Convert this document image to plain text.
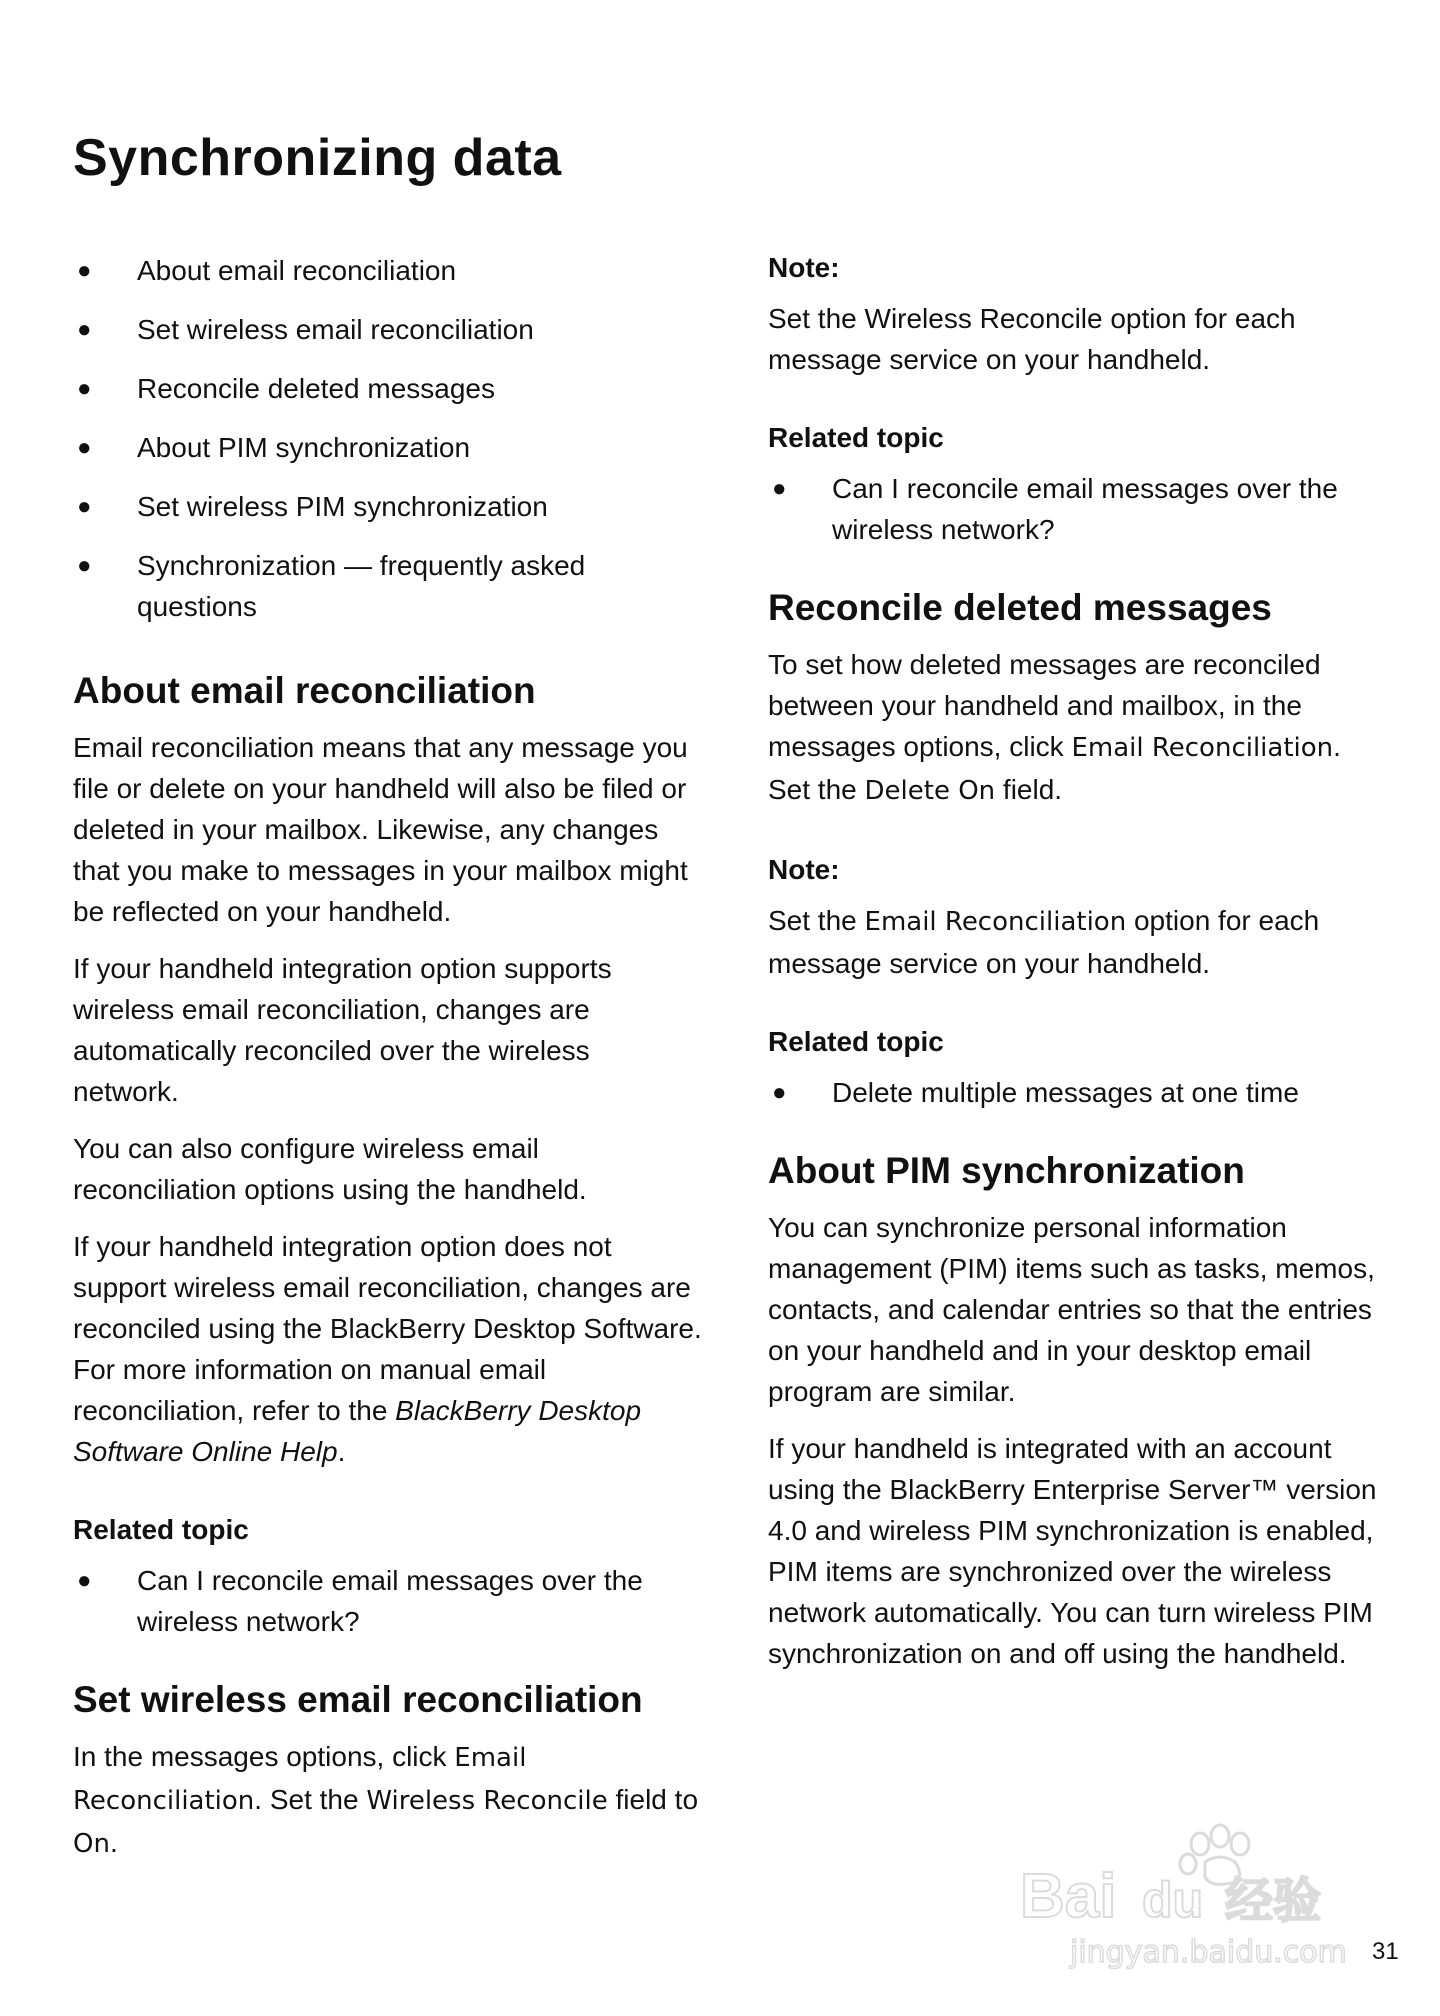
Synchronizing data
● About email reconciliation
● Set wireless email reconciliation
● Reconcile deleted messages
● About PIM synchronization
● Set wireless PIM synchronization
● Synchronization — frequently asked questions
About email reconciliation

Email reconciliation means that any message you file or delete on your handheld will also be filed or deleted in your mailbox. Likewise, any changes that you make to messages in your mailbox might be reflected on your handheld.

If your handheld integration option supports wireless email reconciliation, changes are automatically reconciled over the wireless network.

You can also configure wireless email reconciliation options using the handheld.

If your handheld integration option does not support wireless email reconciliation, changes are reconciled using the BlackBerry Desktop Software. For more information on manual email reconciliation, refer to the BlackBerry Desktop Software Online Help.

Related topic
● Can I reconcile email messages over the wireless network?
Set wireless email reconciliation

In the messages options, click Email Reconciliation. Set the Wireless Reconcile field to On.

Note:

Set the Wireless Reconcile option for each message service on your handheld.

Related topic
● Can I reconcile email messages over the wireless network?
Reconcile deleted messages

To set how deleted messages are reconciled between your handheld and mailbox, in the messages options, click Email Reconciliation. Set the Delete On field.

Note:

Set the Email Reconciliation option for each message service on your handheld.

Related topic
● Delete multiple messages at one time
About PIM synchronization

You can synchronize personal information management (PIM) items such as tasks, memos, contacts, and calendar entries so that the entries on your handheld and in your desktop email program are similar.

If your handheld is integrated with an account using the BlackBerry Enterprise Server™ version 4.0 and wireless PIM synchronization is enabled, PIM items are synchronized over the wireless network automatically. You can turn wireless PIM synchronization on and off using the handheld.

Bai du 经验
jingyan.baidu.com 31
